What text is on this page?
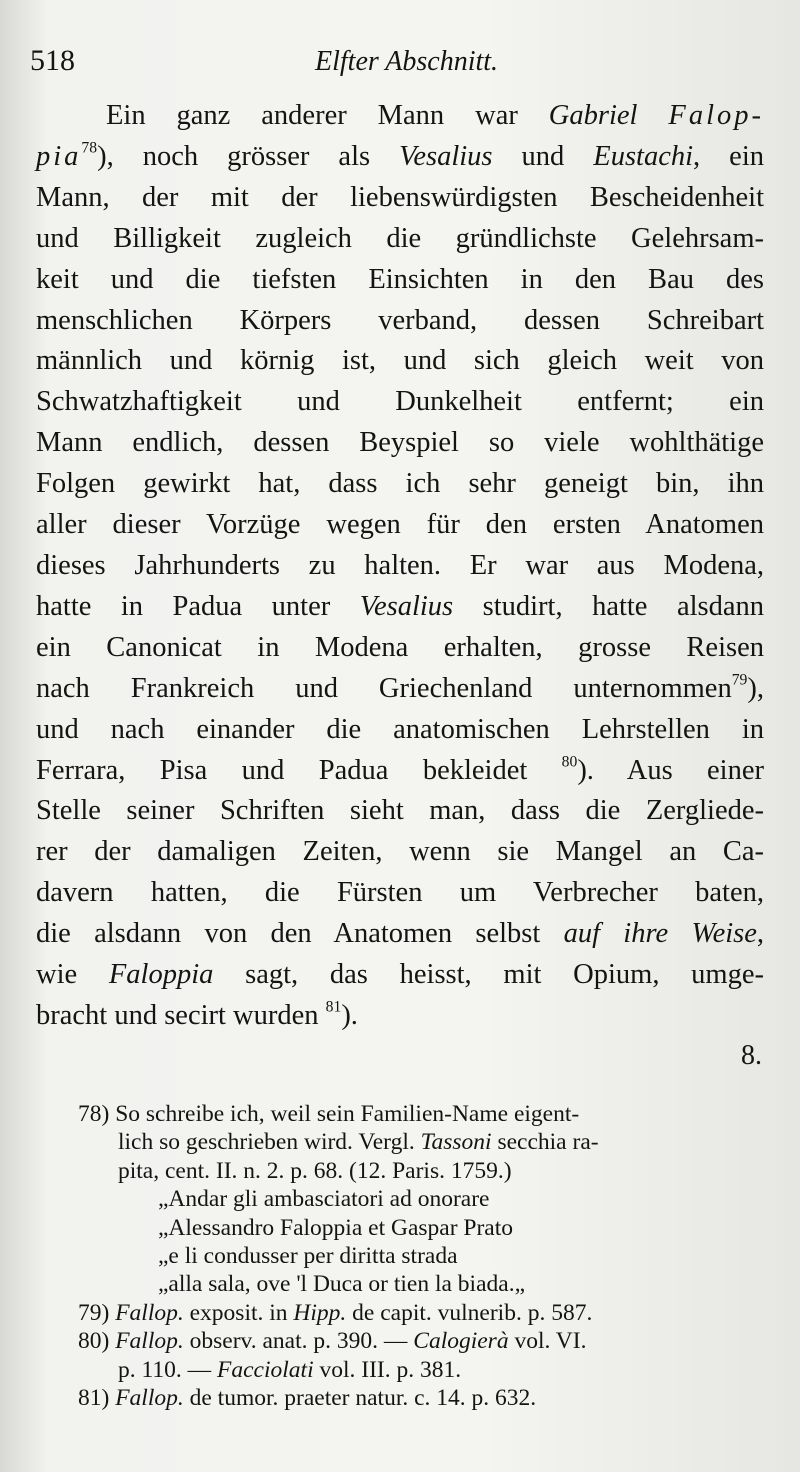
518	Elfter Abschnitt.
Ein ganz anderer Mann war Gabriel Falop-
pia$^{78}$), noch grösser als Vesalius und Eustachi, ein
Mann, der mit der liebenswürdigsten Bescheidenheit
und Billigkeit zugleich die gründlichste Gelehrsam-
keit und die tiefsten Einsichten in den Bau des
menschlichen Körpers verband, dessen Schreibart
männlich und körnig ist, und sich gleich weit von
Schwatzhaftigkeit und Dunkelheit entfernt; ein
Mann endlich, dessen Beyspiel so viele wohlthätige
Folgen gewirkt hat, dass ich sehr geneigt bin, ihn
aller dieser Vorzüge wegen für den ersten Anatomen
dieses Jahrhunderts zu halten. Er war aus Modena,
hatte in Padua unter Vesalius studirt, hatte alsdann
ein Canonicat in Modena erhalten, grosse Reisen
nach Frankreich und Griechenland unternommen$^{79}$),
und nach einander die anatomischen Lehrstellen in
Ferrara, Pisa und Padua bekleidet $^{80}$). Aus einer
Stelle seiner Schriften sieht man, dass die Zergliede-
rer der damaligen Zeiten, wenn sie Mangel an Ca-
davern hatten, die Fürsten um Verbrecher baten,
die alsdann von den Anatomen selbst auf ihre Weise,
wie Faloppia sagt, das heisst, mit Opium, umge-
bracht und secirt wurden $^{81}$).
8.
78) So schreibe ich, weil sein Familien-Name eigent-
lich so geschrieben wird. Vergl. Tassoni secchia ra-
pita, cent. II. n. 2. p. 68. (12. Paris. 1759.)
„Andar gli ambasciatori ad onorare
„Alessandro Faloppia et Gaspar Prato
„e li condusser per diritta strada
„alla sala, ove 'l Duca or tien la biada.„
79) Fallop. exposit. in Hipp. de capit. vulnerib. p. 587.
80) Fallop. observ. anat. p. 390. — Calogierà vol. VI.
p. 110. — Facciolati vol. III. p. 381.
81) Fallop. de tumor. praeter natur. c. 14. p. 632.
